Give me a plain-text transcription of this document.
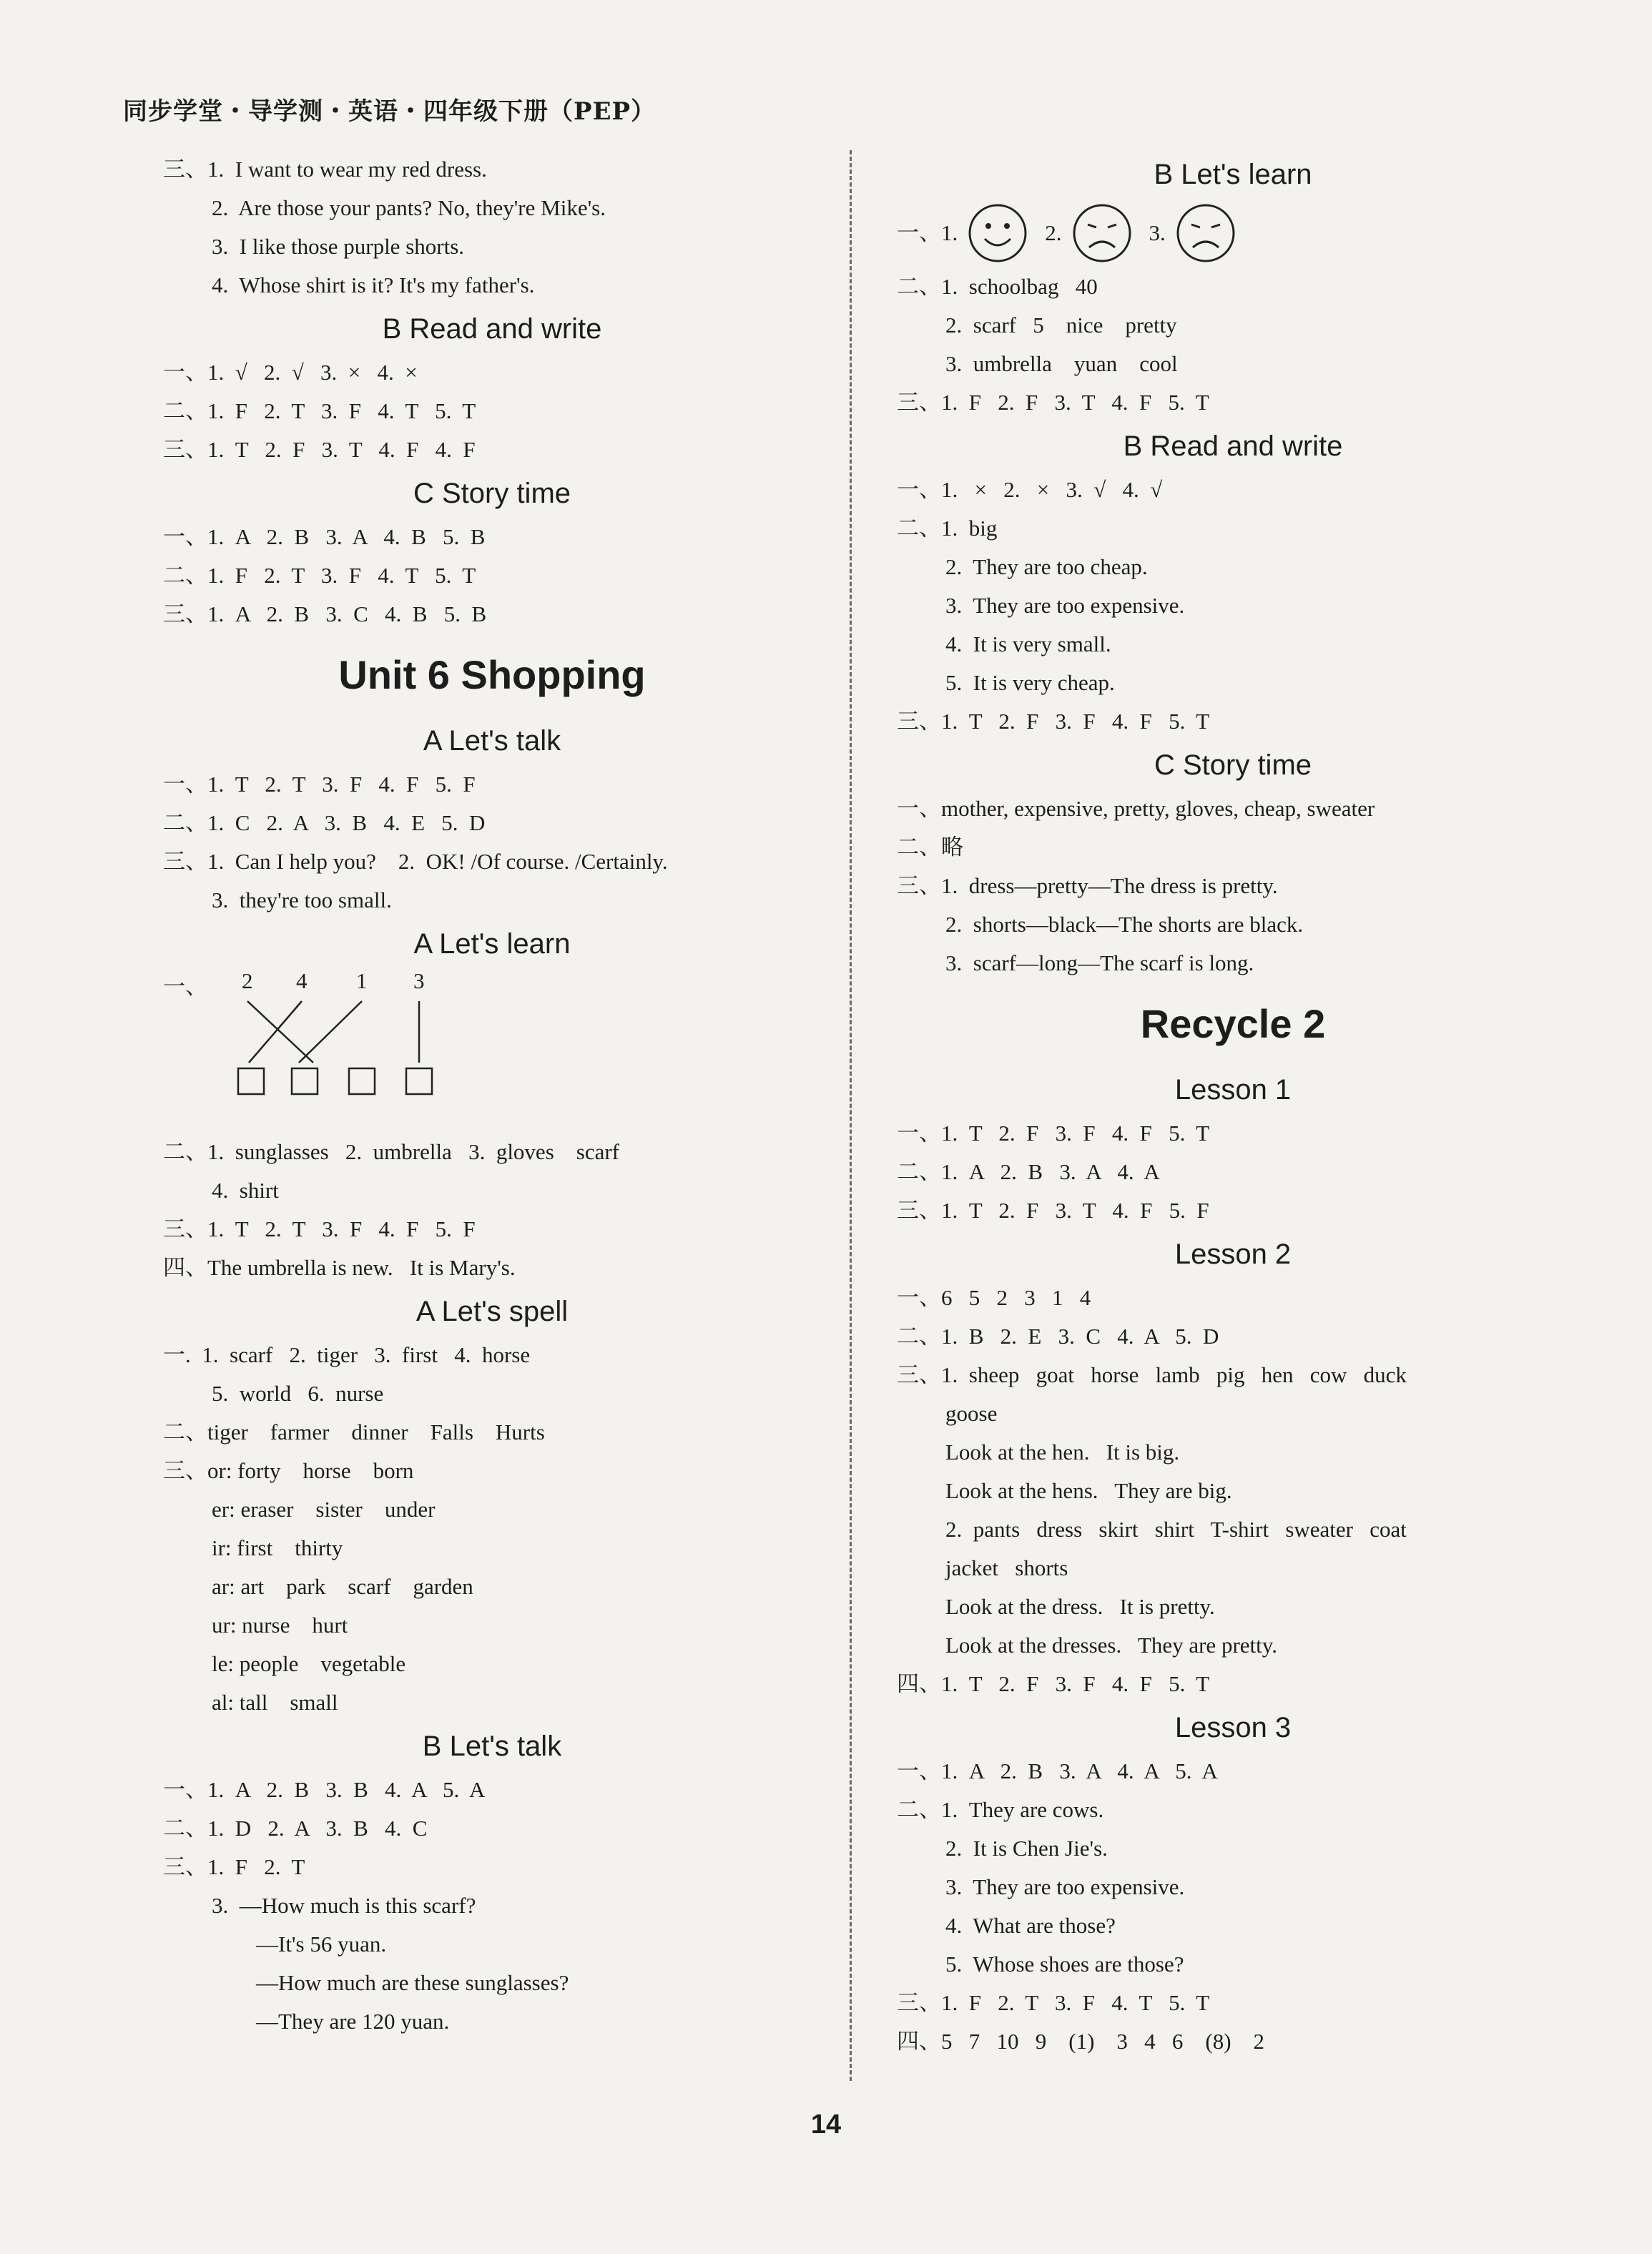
同步学堂・导学测・英语・四年级下册（PEP）
三、1.  I want to wear my red dress.
2.  Are those your pants? No, they're Mike's.
3.  I like those purple shorts.
4.  Whose shirt is it? It's my father's.
B Read and write
一、1.  √   2.  √   3.  ×   4.  ×
二、1.  F   2.  T   3.  F   4.  T   5.  T
三、1.  T   2.  F   3.  T   4.  F   4.  F
C Story time
一、1.  A   2.  B   3.  A   4.  B   5.  B
二、1.  F   2.  T   3.  F   4.  T   5.  T
三、1.  A   2.  B   3.  C   4.  B   5.  B
Unit 6 Shopping
A Let's talk
一、1.  T   2.  T   3.  F   4.  F   5.  F
二、1.  C   2.  A   3.  B   4.  E   5.  D
三、1.  Can I help you?    2.  OK! /Of course. /Certainly.
3.  they're too small.
A Let's learn
一、 2 4 1 3
二、1.  sunglasses   2.  umbrella   3.  gloves    scarf
4.  shirt
三、1.  T   2.  T   3.  F   4.  F   5.  F
四、The umbrella is new.   It is Mary's.
A Let's spell
一.  1.  scarf   2.  tiger   3.  first   4.  horse
5.  world   6.  nurse
二、tiger    farmer    dinner    Falls    Hurts
三、or: forty    horse    born
er: eraser    sister    under
ir: first    thirty
ar: art    park    scarf    garden
ur: nurse    hurt
le: people    vegetable
al: tall    small
B Let's talk
一、1.  A   2.  B   3.  B   4.  A   5.  A
二、1.  D   2.  A   3.  B   4.  C
三、1.  F   2.  T
3.  —How much is this scarf?
—It's 56 yuan.
—How much are these sunglasses?
—They are 120 yuan.
B Let's learn
一、1.	2.	3.
二、1.  schoolbag   40
2.  scarf   5    nice    pretty
3.  umbrella    yuan    cool
三、1.  F   2.  F   3.  T   4.  F   5.  T
B Read and write
一、1.   ×   2.   ×   3.  √   4.  √
二、1.  big
2.  They are too cheap.
3.  They are too expensive.
4.  It is very small.
5.  It is very cheap.
三、1.  T   2.  F   3.  F   4.  F   5.  T
C Story time
一、mother, expensive, pretty, gloves, cheap, sweater
二、略
三、1.  dress—pretty—The dress is pretty.
2.  shorts—black—The shorts are black.
3.  scarf—long—The scarf is long.
Recycle 2
Lesson 1
一、1.  T   2.  F   3.  F   4.  F   5.  T
二、1.  A   2.  B   3.  A   4.  A
三、1.  T   2.  F   3.  T   4.  F   5.  F
Lesson 2
一、6   5   2   3   1   4
二、1.  B   2.  E   3.  C   4.  A   5.  D
三、1.  sheep   goat   horse   lamb   pig   hen   cow   duck
goose
Look at the hen.   It is big.
Look at the hens.   They are big.
2.  pants   dress   skirt   shirt   T-shirt   sweater   coat
jacket   shorts
Look at the dress.   It is pretty.
Look at the dresses.   They are pretty.
四、1.  T   2.  F   3.  F   4.  F   5.  T
Lesson 3
一、1.  A   2.  B   3.  A   4.  A   5.  A
二、1.  They are cows.
2.  It is Chen Jie's.
3.  They are too expensive.
4.  What are those?
5.  Whose shoes are those?
三、1.  F   2.  T   3.  F   4.  T   5.  T
四、5   7   10   9    (1)    3   4   6    (8)    2
14
